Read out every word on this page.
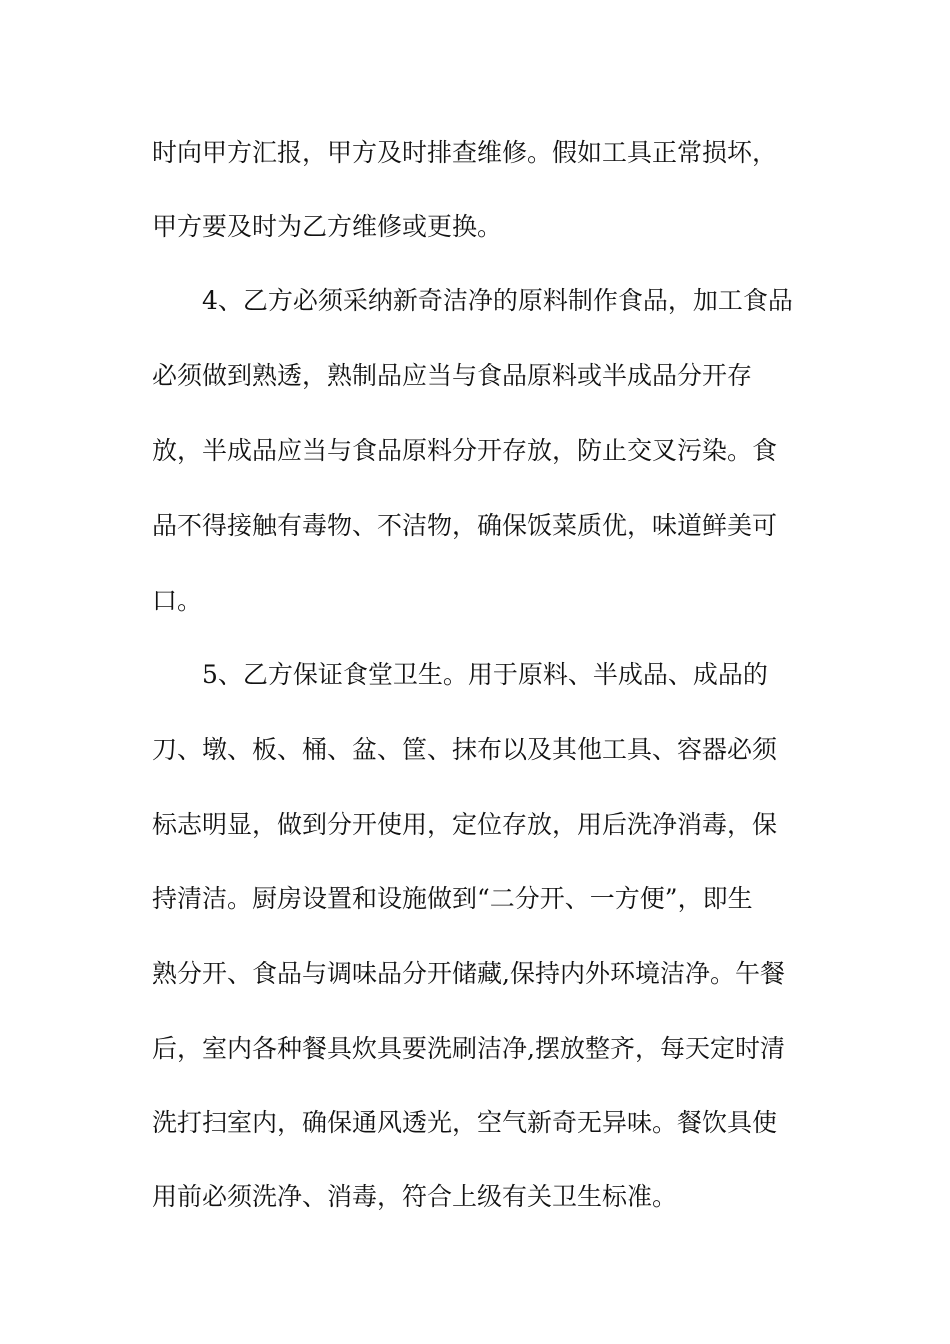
时向甲方汇报，甲方及时排查维修。假如工具正常损坏，
甲方要及时为乙方维修或更换。
4、乙方必须采纳新奇洁净的原料制作食品，加工食品
必须做到熟透，熟制品应当与食品原料或半成品分开存
放，半成品应当与食品原料分开存放，防止交叉污染。食
品不得接触有毒物、不洁物，确保饭菜质优，味道鲜美可
口。
5、乙方保证食堂卫生。用于原料、半成品、成品的
刀、墩、板、桶、盆、筐、抹布以及其他工具、容器必须
标志明显，做到分开使用，定位存放，用后洗净消毒，保
持清洁。厨房设置和设施做到“二分开、一方便”，即生
熟分开、食品与调味品分开储藏,保持内外环境洁净。午餐
后，室内各种餐具炊具要洗刷洁净,摆放整齐，每天定时清
洗打扫室内，确保通风透光，空气新奇无异味。餐饮具使
用前必须洗净、消毒，符合上级有关卫生标准。
